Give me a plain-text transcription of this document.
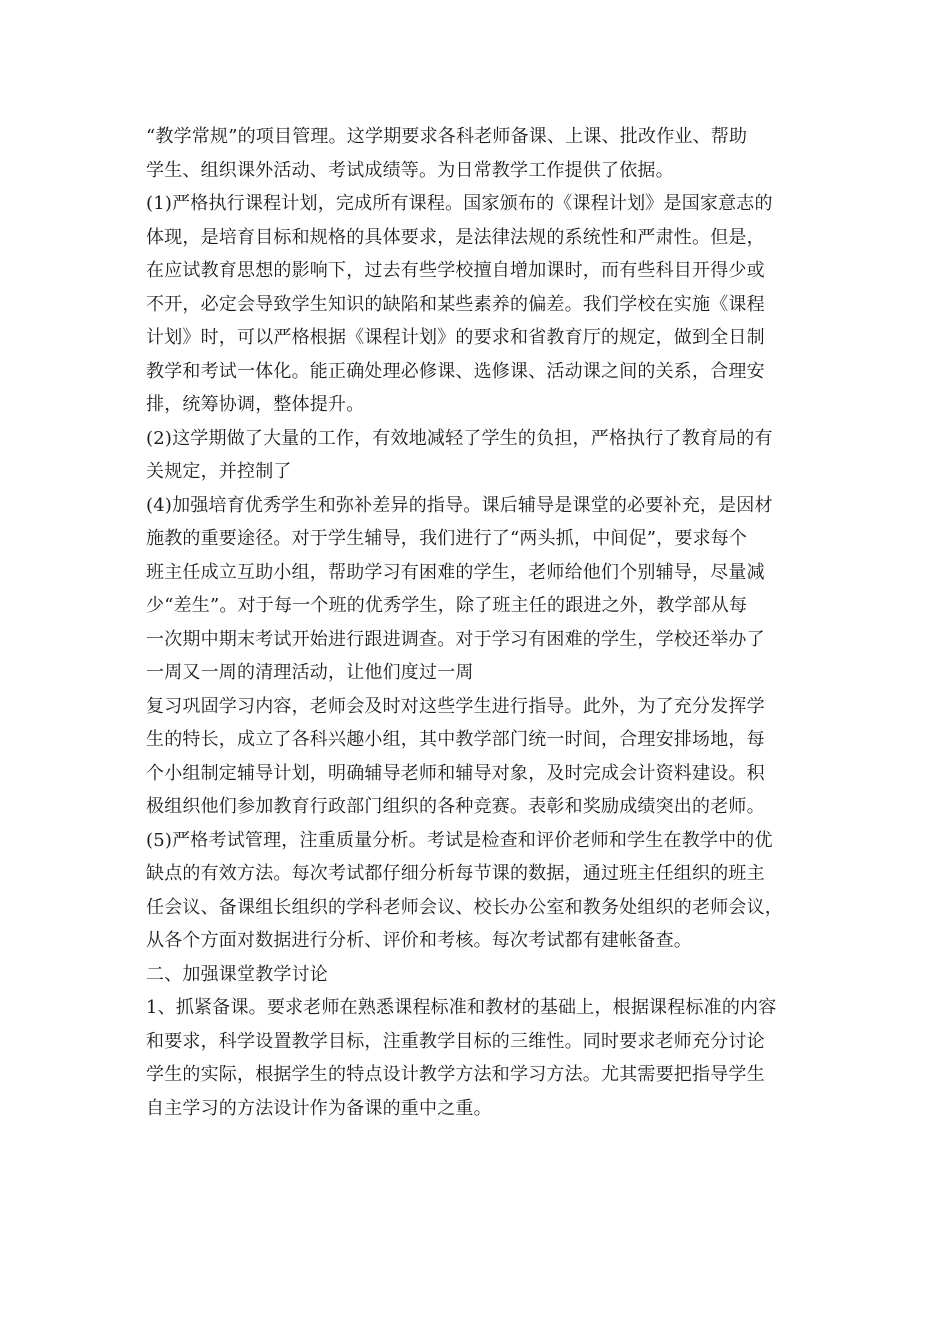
“教学常规”的项目管理。这学期要求各科老师备课、上课、批改作业、帮助
学生、组织课外活动、考试成绩等。为日常教学工作提供了依据。
(1)严格执行课程计划，完成所有课程。国家颁布的《课程计划》是国家意志的
体现，是培育目标和规格的具体要求，是法律法规的系统性和严肃性。但是，
在应试教育思想的影响下，过去有些学校擅自增加课时，而有些科目开得少或
不开，必定会导致学生知识的缺陷和某些素养的偏差。我们学校在实施《课程
计划》时，可以严格根据《课程计划》的要求和省教育厅的规定，做到全日制
教学和考试一体化。能正确处理必修课、选修课、活动课之间的关系，合理安
排，统筹协调，整体提升。
(2)这学期做了大量的工作，有效地减轻了学生的负担，严格执行了教育局的有
关规定，并控制了
(4)加强培育优秀学生和弥补差异的指导。课后辅导是课堂的必要补充，是因材
施教的重要途径。对于学生辅导，我们进行了“两头抓，中间促”，要求每个
班主任成立互助小组，帮助学习有困难的学生，老师给他们个别辅导，尽量减
少“差生”。对于每一个班的优秀学生，除了班主任的跟进之外，教学部从每
一次期中期末考试开始进行跟进调查。对于学习有困难的学生，学校还举办了
一周又一周的清理活动，让他们度过一周
复习巩固学习内容，老师会及时对这些学生进行指导。此外，为了充分发挥学
生的特长，成立了各科兴趣小组，其中教学部门统一时间，合理安排场地，每
个小组制定辅导计划，明确辅导老师和辅导对象，及时完成会计资料建设。积
极组织他们参加教育行政部门组织的各种竞赛。表彰和奖励成绩突出的老师。
(5)严格考试管理，注重质量分析。考试是检查和评价老师和学生在教学中的优
缺点的有效方法。每次考试都仔细分析每节课的数据，通过班主任组织的班主
任会议、备课组长组织的学科老师会议、校长办公室和教务处组织的老师会议，
从各个方面对数据进行分析、评价和考核。每次考试都有建帐备查。
二、加强课堂教学讨论
1、抓紧备课。要求老师在熟悉课程标准和教材的基础上，根据课程标准的内容
和要求，科学设置教学目标，注重教学目标的三维性。同时要求老师充分讨论
学生的实际，根据学生的特点设计教学方法和学习方法。尤其需要把指导学生
自主学习的方法设计作为备课的重中之重。
